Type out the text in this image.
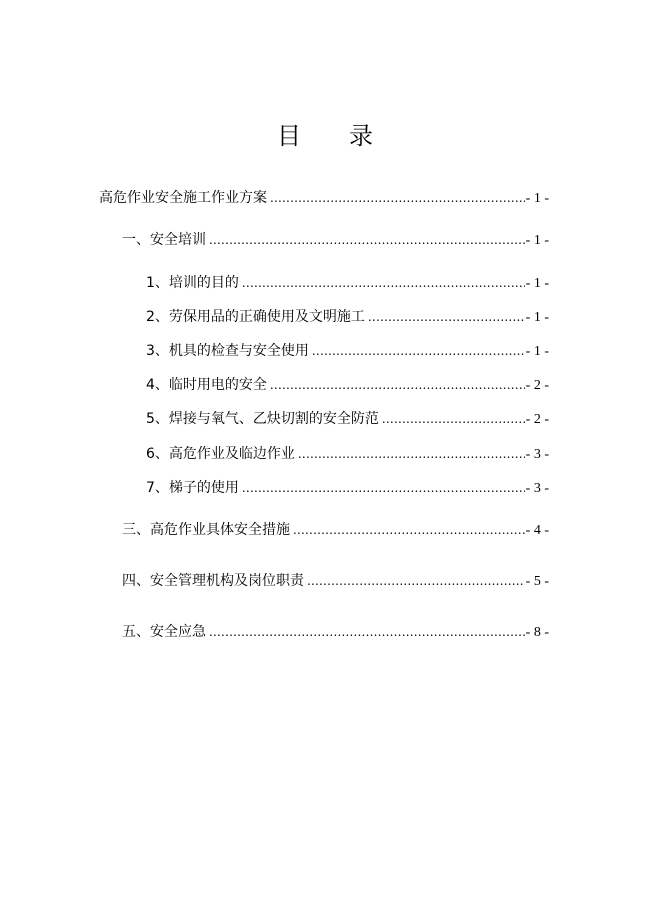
目 录
高危作业安全施工作业方案 .....	- 1 -
一、安全培训 .....	- 1 -
1、培训的目的 .....	- 1 -
2、劳保用品的正确使用及文明施工 .....	- 1 -
3、机具的检查与安全使用 .....	- 1 -
4、临时用电的安全 .....	- 2 -
5、焊接与氧气、乙炔切割的安全防范 .....	- 2 -
6、高危作业及临边作业 .....	- 3 -
7、梯子的使用 .....	- 3 -
三、高危作业具体安全措施 .....	- 4 -
四、安全管理机构及岗位职责 .....	- 5 -
五、安全应急 .....	- 8 -
